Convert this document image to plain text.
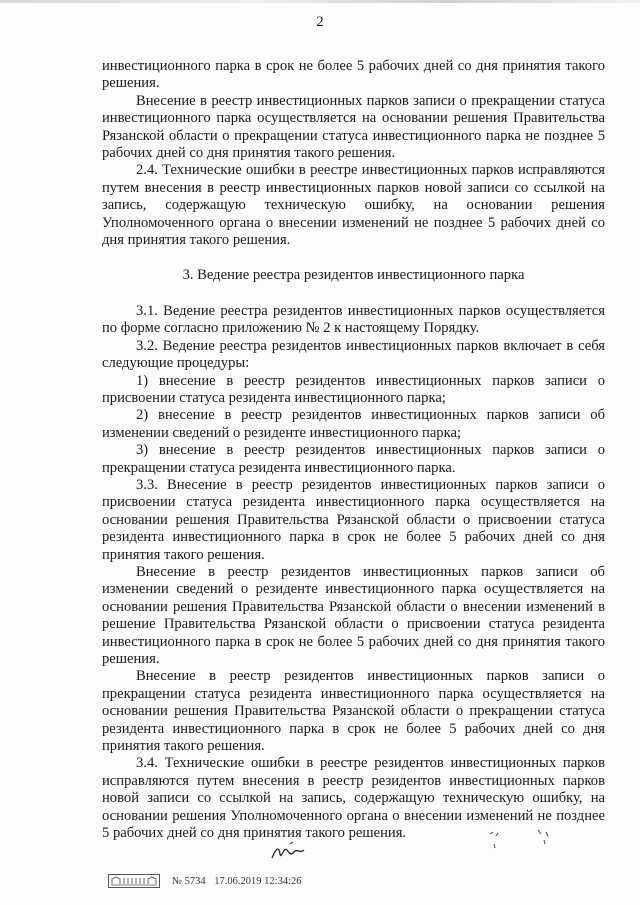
2

инвестиционного парка в срок не более 5 рабочих дней со дня принятия такого решения.

Внесение в реестр инвестиционных парков записи о прекращении статуса инвестиционного парка осуществляется на основании решения Правительства Рязанской области о прекращении статуса инвестиционного парка не позднее 5 рабочих дней со дня принятия такого решения.

2.4. Технические ошибки в реестре инвестиционных парков исправляются путем внесения в реестр инвестиционных парков новой записи со ссылкой на запись, содержащую техническую ошибку, на основании решения Уполномоченного органа о внесении изменений не позднее 5 рабочих дней со дня принятия такого решения.

3. Ведение реестра резидентов инвестиционного парка

3.1. Ведение реестра резидентов инвестиционных парков осуществляется по форме согласно приложению № 2 к настоящему Порядку.

3.2. Ведение реестра резидентов инвестиционных парков включает в себя следующие процедуры:

1) внесение в реестр резидентов инвестиционных парков записи о присвоении статуса резидента инвестиционного парка;

2) внесение в реестр резидентов инвестиционных парков записи об изменении сведений о резиденте инвестиционного парка;

3) внесение в реестр резидентов инвестиционных парков записи о прекращении статуса резидента инвестиционного парка.

3.3. Внесение в реестр резидентов инвестиционных парков записи о присвоении статуса резидента инвестиционного парка осуществляется на основании решения Правительства Рязанской области о присвоении статуса резидента инвестиционного парка в срок не более 5 рабочих дней со дня принятия такого решения.

Внесение в реестр резидентов инвестиционных парков записи об изменении сведений о резиденте инвестиционного парка осуществляется на основании решения Правительства Рязанской области о внесении изменений в решение Правительства Рязанской области о присвоении статуса резидента инвестиционного парка в срок не более 5 рабочих дней со дня принятия такого решения.

Внесение в реестр резидентов инвестиционных парков записи о прекращении статуса резидента инвестиционного парка осуществляется на основании решения Правительства Рязанской области о прекращении статуса резидента инвестиционного парка в срок не более 5 рабочих дней со дня принятия такого решения.

3.4. Технические ошибки в реестре резидентов инвестиционных парков исправляются путем внесения в реестр резидентов инвестиционных парков новой записи со ссылкой на запись, содержащую техническую ошибку, на основании решения Уполномоченного органа о внесении изменений не позднее 5 рабочих дней со дня принятия такого решения.

№ 5734 17.06.2019 12:34:26
